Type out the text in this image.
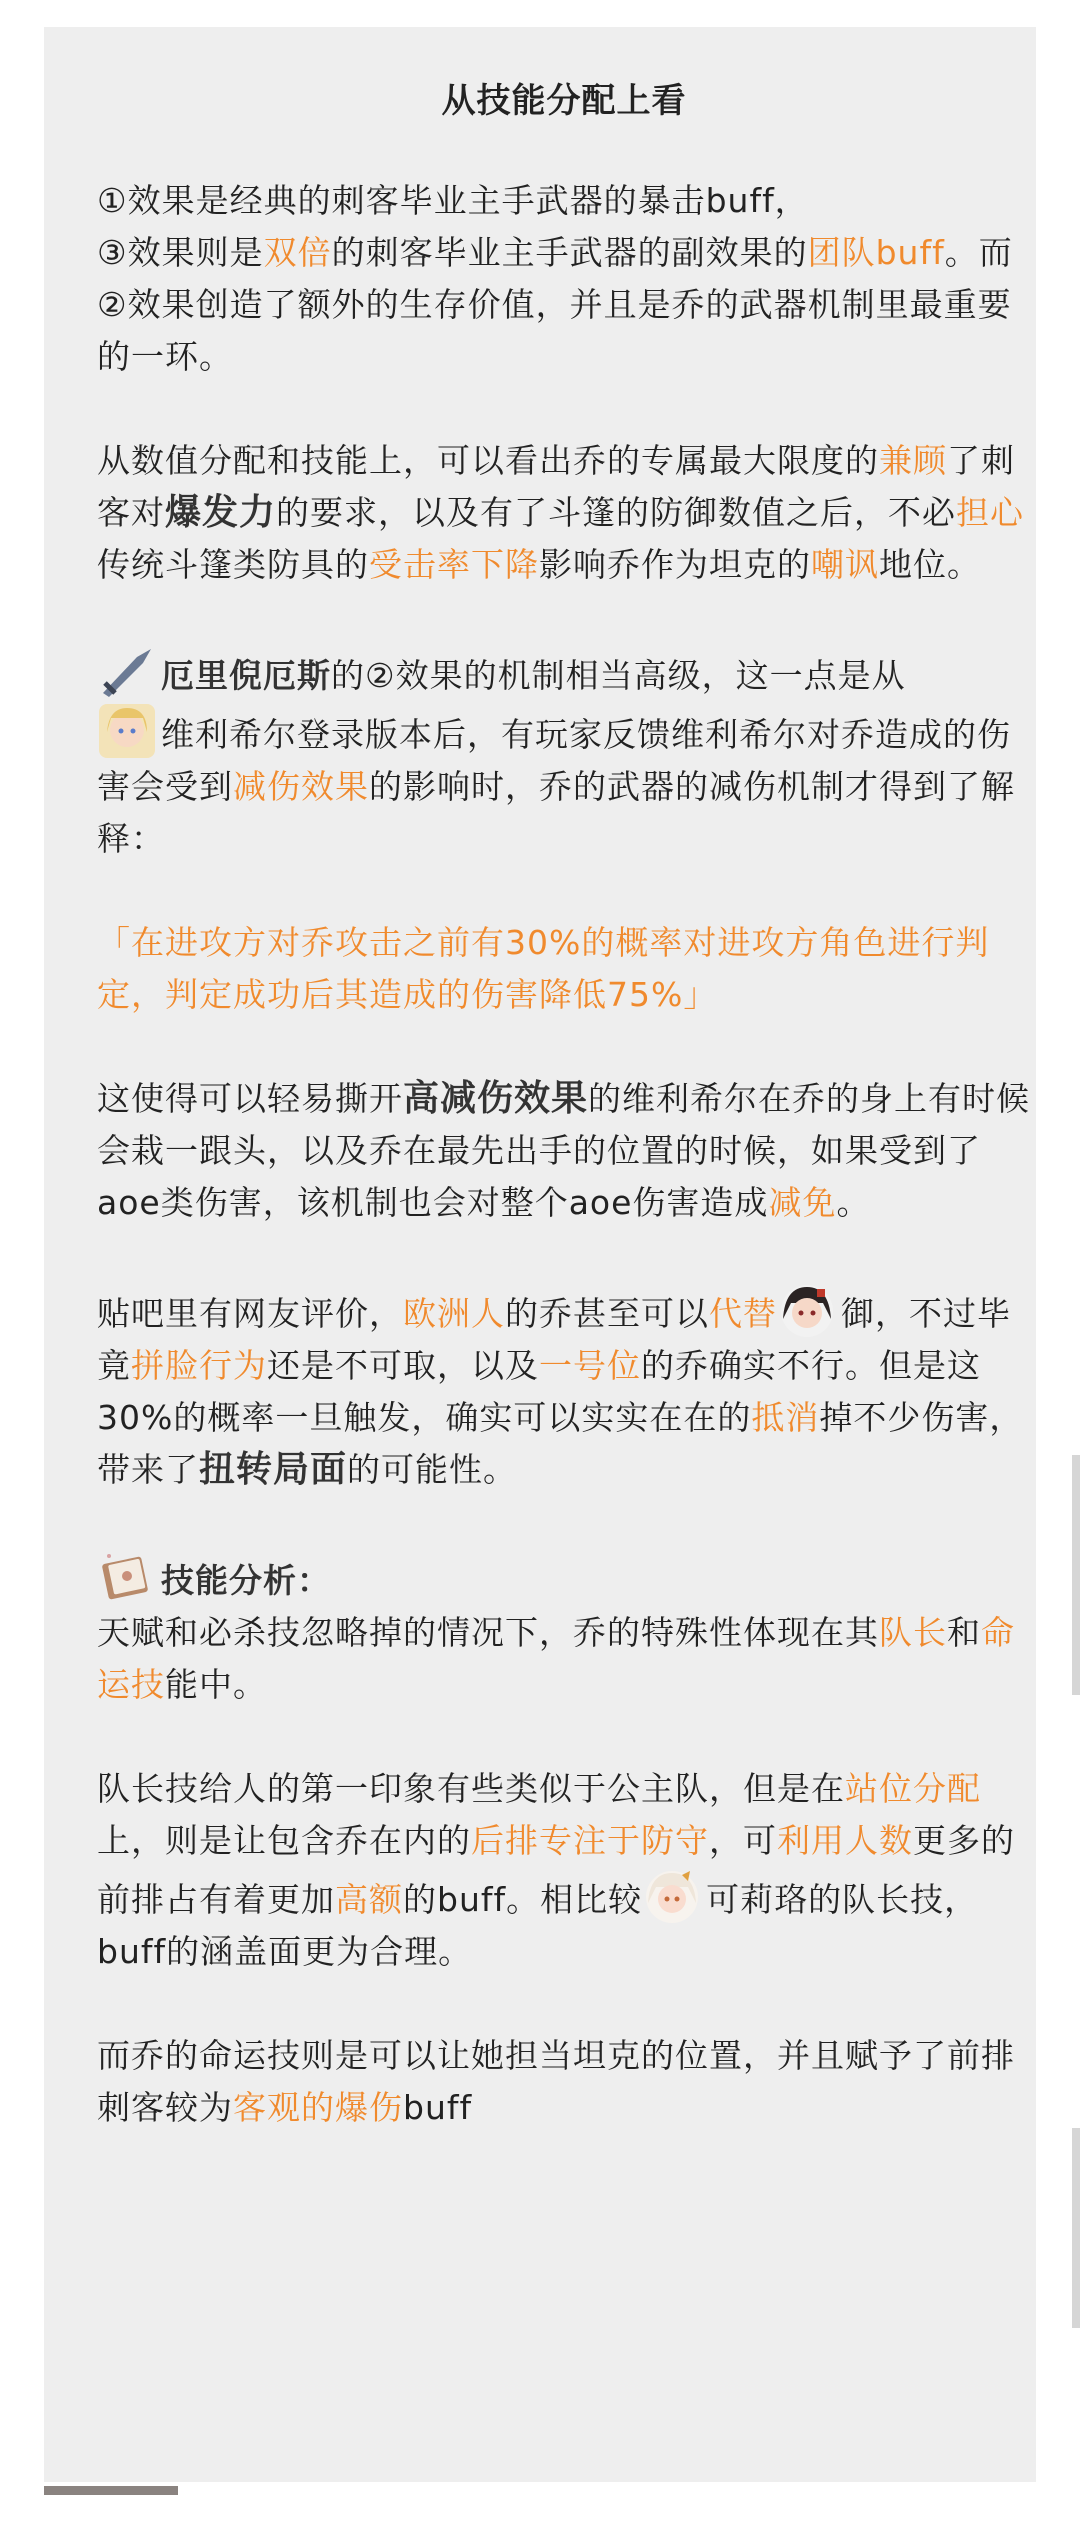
从技能分配上看
①效果是经典的刺客毕业主手武器的暴击buff，
③效果则是双倍的刺客毕业主手武器的副效果的团队buff。而
②效果创造了额外的生存价值，并且是乔的武器机制里最重要的一环。
从数值分配和技能上，可以看出乔的专属最大限度的兼顾了刺客对爆发力的要求，以及有了斗篷的防御数值之后，不必担心传统斗篷类防具的受击率下降影响乔作为坦克的嘲讽地位。
厄里倪厄斯的②效果的机制相当高级，这一点是从
维利希尔登录版本后，有玩家反馈维利希尔对乔造成的伤害会受到减伤效果的影响时，乔的武器的减伤机制才得到了解释：
「在进攻方对乔攻击之前有30%的概率对进攻方角色进行判定，判定成功后其造成的伤害降低75%」
这使得可以轻易撕开高减伤效果的维利希尔在乔的身上有时候会栽一跟头，以及乔在最先出手的位置的时候，如果受到了aoe类伤害，该机制也会对整个aoe伤害造成减免。
贴吧里有网友评价，欧洲人的乔甚至可以代替 御，不过毕竟拼脸行为还是不可取，以及一号位的乔确实不行。但是这30%的概率一旦触发，确实可以实实在在的抵消掉不少伤害，带来了扭转局面的可能性。
技能分析：
天赋和必杀技忽略掉的情况下，乔的特殊性体现在其队长和命运技能中。
队长技给人的第一印象有些类似于公主队，但是在站位分配上，则是让包含乔在内的后排专注于防守，可利用人数更多的前排占有着更加高额的buff。相比较 可莉珞的队长技，buff的涵盖面更为合理。
而乔的命运技则是可以让她担当坦克的位置，并且赋予了前排刺客较为客观的爆伤buff
